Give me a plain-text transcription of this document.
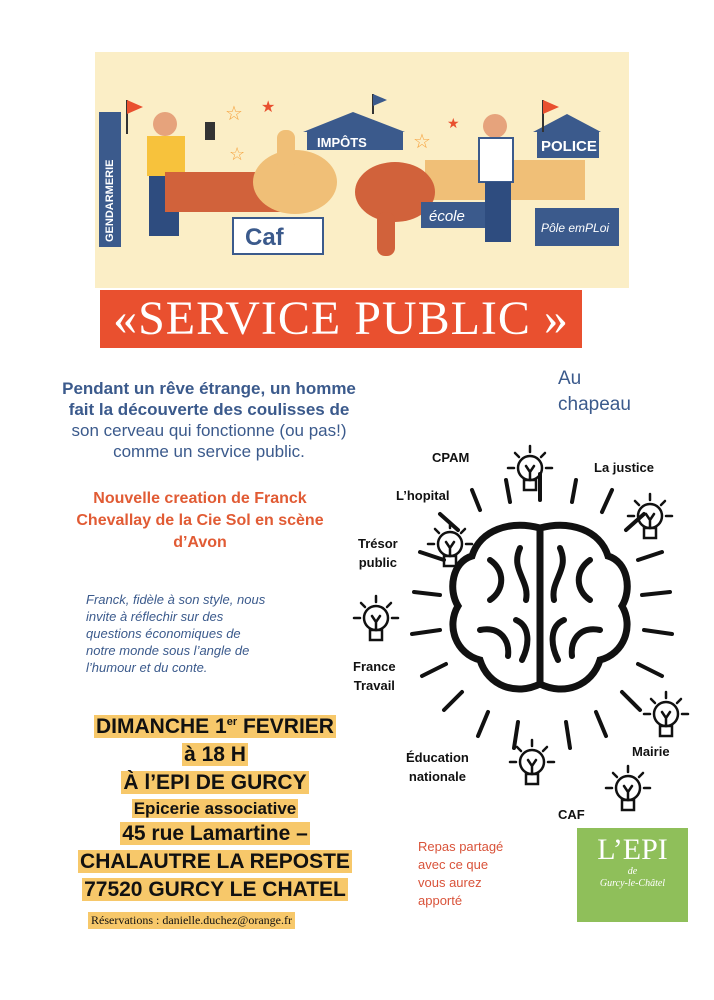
GENDARMERIE
☆ ★
☆
IMPÔTS
Caf
école
☆
★
POLICE
Pôle emPLoi
«SERVICE PUBLIC »
Pendant un rêve étrange, un homme
fait la découverte des coulisses de
son cerveau qui fonctionne (ou pas!)
comme un service public.
Nouvelle creation de Franck
Chevallay de la Cie Sol en scène
d’Avon
Franck, fidèle à son style, nous
invite à réflechir sur des
questions économiques de
notre monde sous l’angle de
l’humour et du conte.
DIMANCHE 1er FEVRIER
à 18 H
À l’EPI DE GURCY
Epicerie associative
45 rue Lamartine –
CHALAUTRE LA REPOSTE
77520 GURCY LE CHATEL
Réservations : danielle.duchez@orange.fr
Au
chapeau
CPAM
La justice
L’hopital
Trésor
public
France
Travail
Éducation
nationale
Mairie
CAF
Repas partagé
avec ce que
vous aurez
apporté
L’EPI
de
Gurcy-le-Châtel
